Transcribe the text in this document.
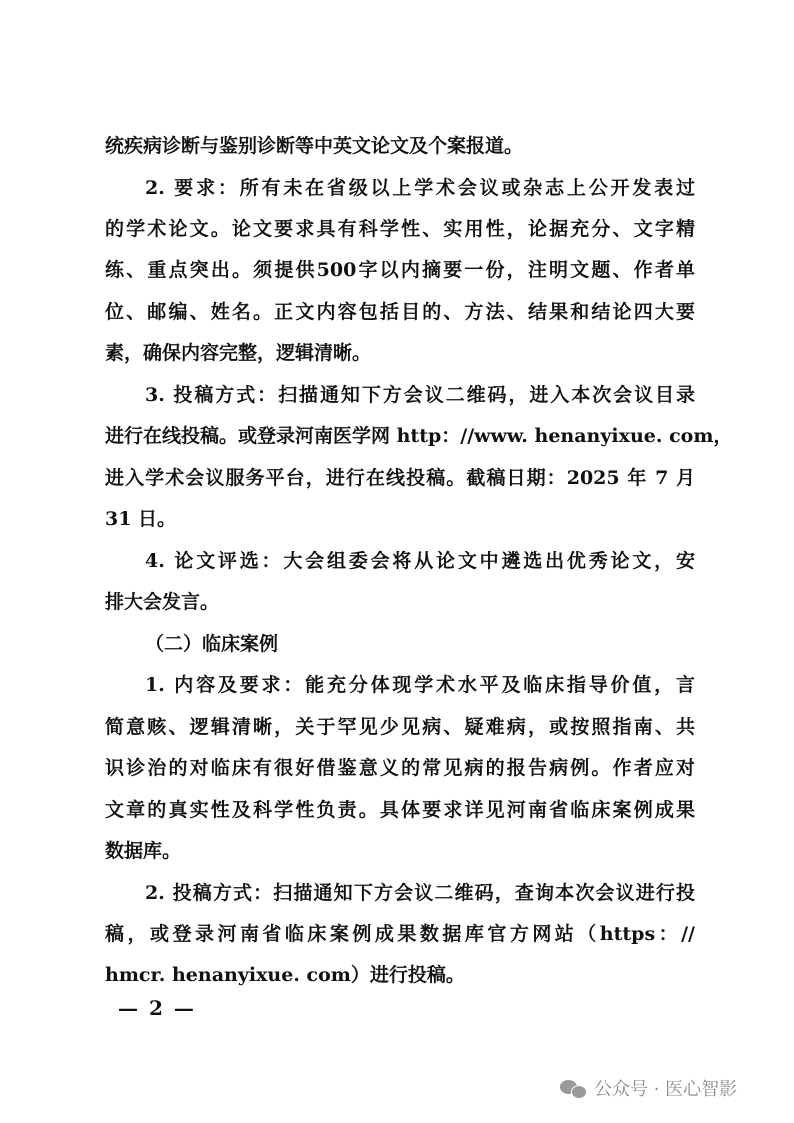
统疾病诊断与鉴别诊断等中英文论文及个案报道。
2. 要求：所有未在省级以上学术会议或杂志上公开发表过
的学术论文。论文要求具有科学性、实用性，论据充分、文字精
练、重点突出。须提供500字以内摘要一份，注明文题、作者单
位、邮编、姓名。正文内容包括目的、方法、结果和结论四大要
素，确保内容完整，逻辑清晰。
3. 投稿方式：扫描通知下方会议二维码，进入本次会议目录
进行在线投稿。或登录河南医学网 http：//www. henanyixue. com，
进入学术会议服务平台，进行在线投稿。截稿日期：2025 年 7 月
31 日。
4. 论文评选：大会组委会将从论文中遴选出优秀论文，安
排大会发言。
（二）临床案例
1. 内容及要求：能充分体现学术水平及临床指导价值，言
简意赅、逻辑清晰，关于罕见少见病、疑难病，或按照指南、共
识诊治的对临床有很好借鉴意义的常见病的报告病例。作者应对
文章的真实性及科学性负责。具体要求详见河南省临床案例成果
数据库。
2. 投稿方式：扫描通知下方会议二维码，查询本次会议进行投
稿，或登录河南省临床案例成果数据库官方网站（https：//
hmcr. henanyixue. com）进行投稿。
— 2 —
公众号 · 医心智影
